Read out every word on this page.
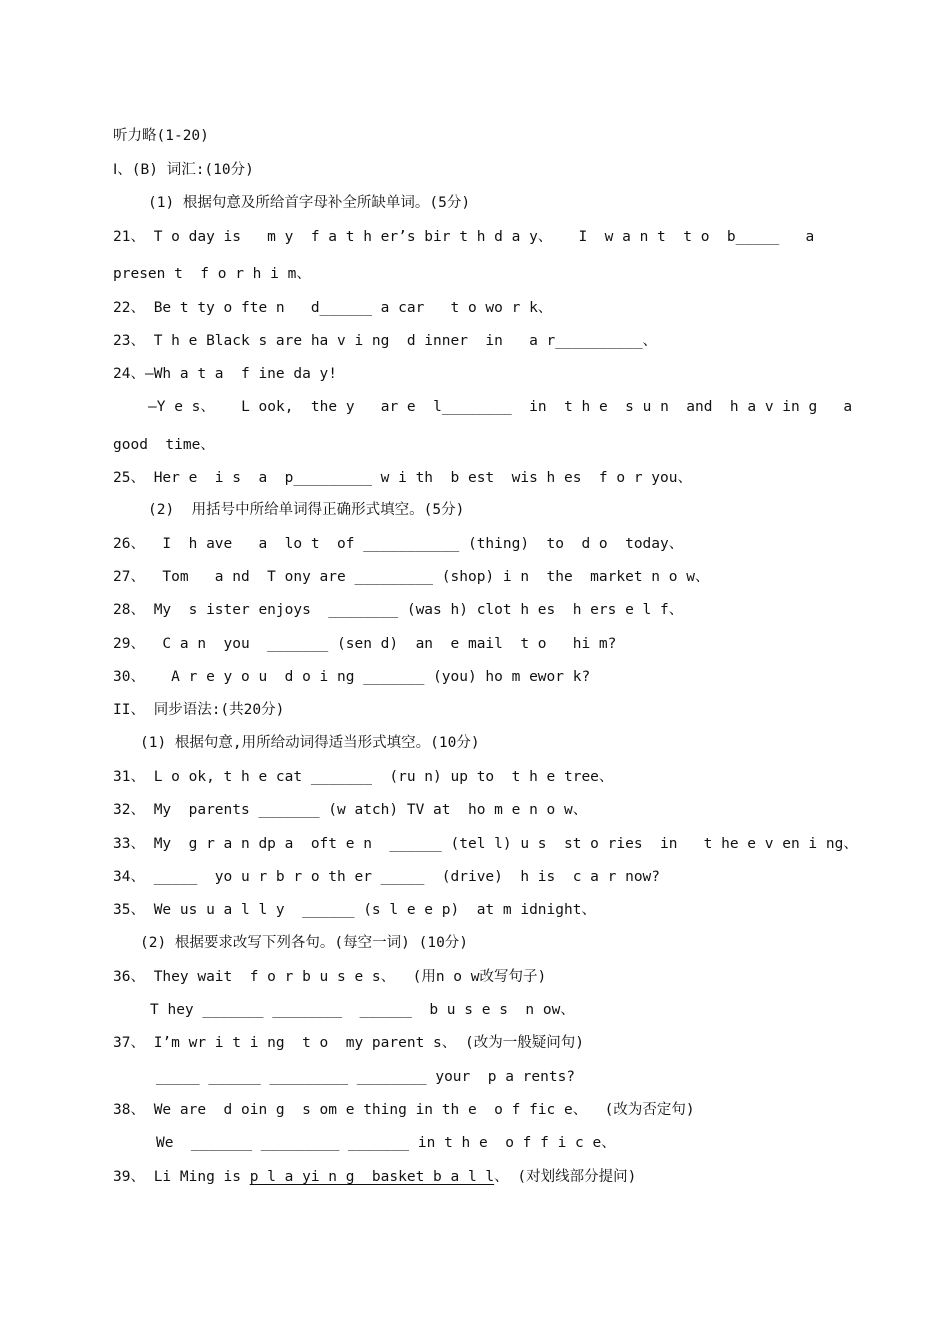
听力略(1-20)
Ⅰ、(B) 词汇:(10分)
(1) 根据句意及所给首字母补全所缺单词。(5分)
21、 T o day is   m y  f a t h er’s bir t h d a y、   I  w a n t  t o  b_____   a
presen t  f o r h i m、
22、 Be t ty o fte n   d______ a car   t o wo r k、
23、 T h e Black s are ha v i ng  d inner  in   a r__________、
24、—Wh a t a  f ine da y!
—Y e s、   L ook,  the y   ar e  l________  in  t h e  s u n  and  h a v in g   a
good  time、
25、 Her e  i s  a  p_________ w i th  b est  wis h es  f o r you、
(2)  用括号中所给单词得正确形式填空。(5分)
26、  I  h ave   a  lo t  of ___________ (thing)  to  d o  today、
27、  Tom   a nd  T ony are _________ (shop) i n  the  market n o w、
28、 My  s ister enjoys  ________ (was h) clot h es  h ers e l f、
29、  C a n  you  _______ (sen d)  an  e mail  t o   hi m?
30、   A r e y o u  d o i ng _______ (you) ho m ewor k?
II、 同步语法:(共20分)
(1) 根据句意,用所给动词得适当形式填空。(10分)
31、 L o ok, t h e cat _______  (ru n) up to  t h e tree、
32、 My  parents _______ (w atch) TV at  ho m e n o w、
33、 My  g r a n dp a  oft e n  ______ (tel l) u s  st o ries  in   t he e v en i ng、
34、 _____  yo u r b r o th er _____  (drive)  h is  c a r now?
35、 We us u a l l y  ______ (s l e e p)  at m idnight、
(2) 根据要求改写下列各句。(每空一词) (10分)
36、 They wait  f o r b u s e s、  (用n o w改写句子)
T hey _______ ________  ______  b u s e s  n ow、
37、 I’m wr i t i ng  t o  my parent s、 (改为一般疑问句)
_____ ______ _________ ________ your  p a rents?
38、 We are  d oin g  s om e thing in th e  o f fic e、  (改为否定句)
We  _______ _________ _______ in t h e  o f f i c e、
39、 Li Ming is p l a yi n g  basket b a l l、 (对划线部分提问)
